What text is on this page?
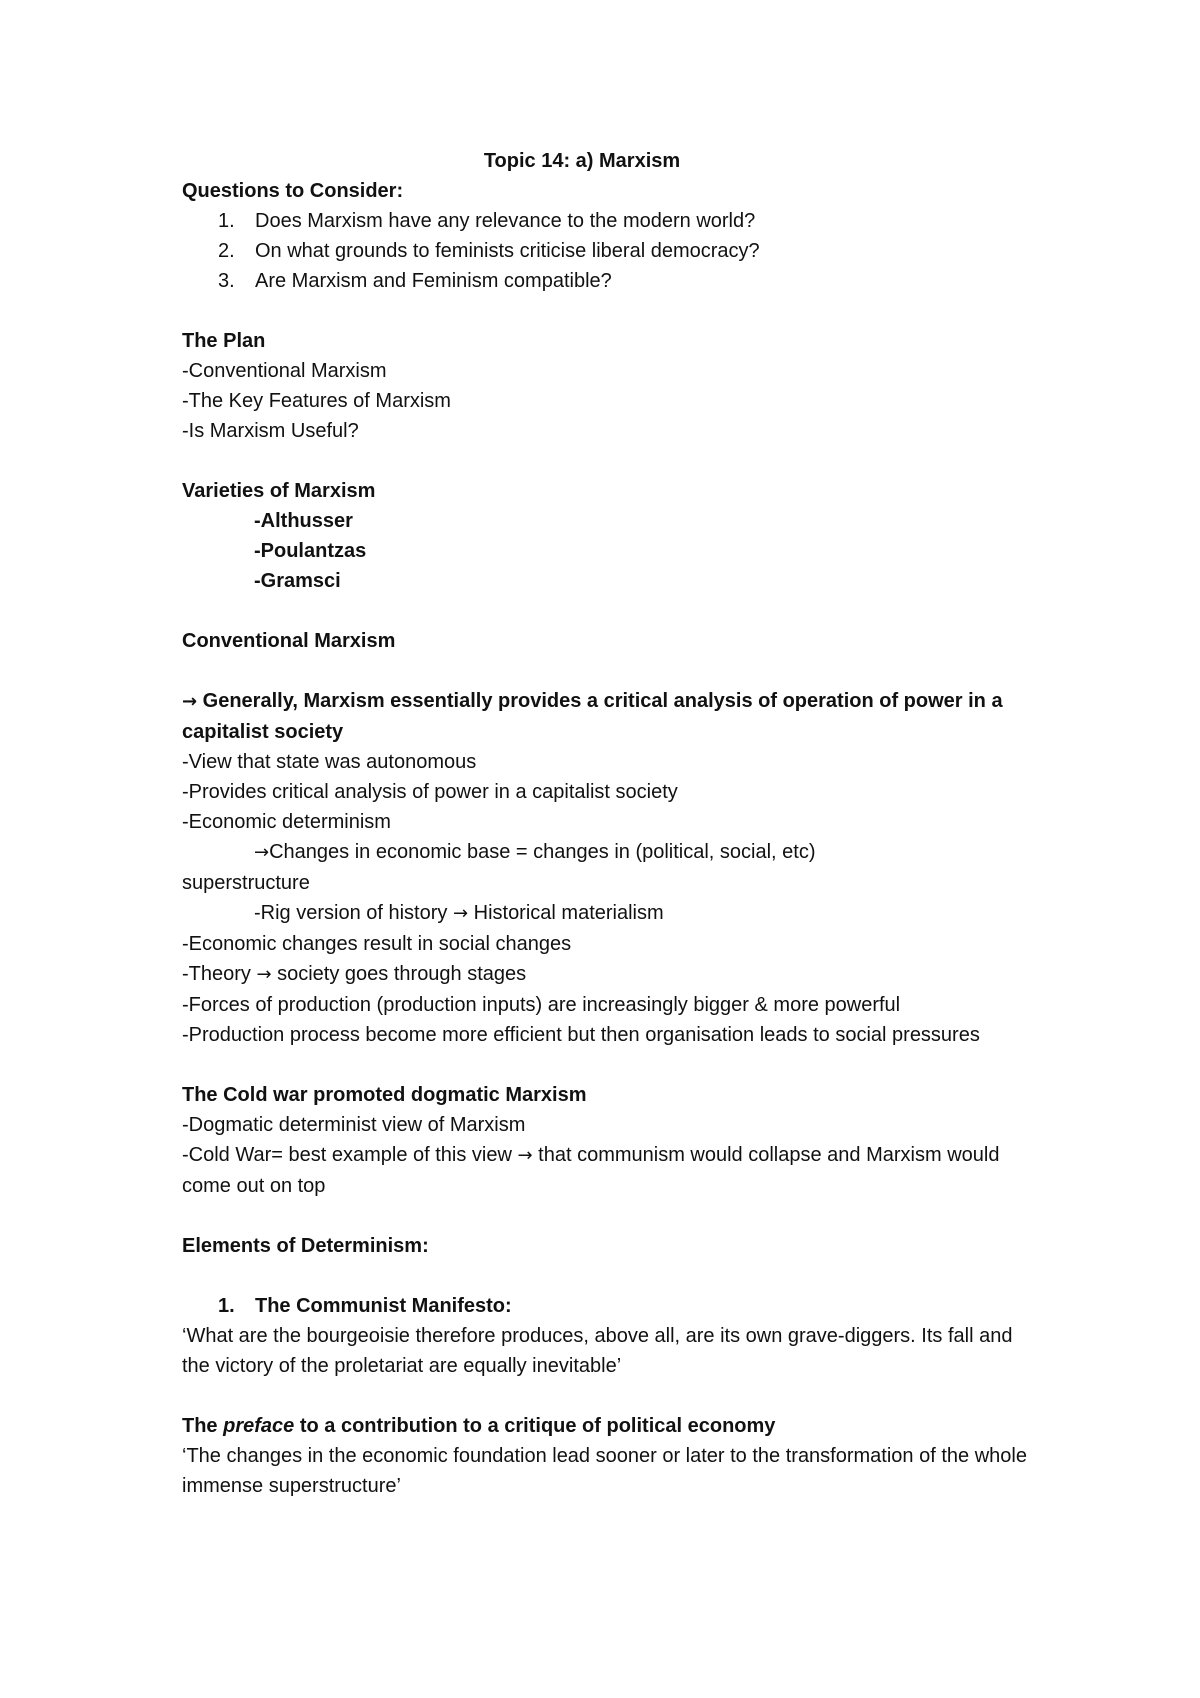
Topic 14: a) Marxism

Questions to Consider:

1.	Does Marxism have any relevance to the modern world?
2.	On what grounds to feminists criticise liberal democracy?
3.	Are Marxism and Feminism compatible?

The Plan

-Conventional Marxism

-The Key Features of Marxism

-Is Marxism Useful?

Varieties of Marxism

-Althusser

-Poulantzas

-Gramsci

Conventional Marxism

→ Generally, Marxism essentially provides a critical analysis of operation of power in a capitalist society

-View that state was autonomous

-Provides critical analysis of power in a capitalist society

-Economic determinism

→Changes in economic base = changes in (political, social, etc)

superstructure

-Rig version of history → Historical materialism

-Economic changes result in social changes

-Theory → society goes through stages

-Forces of production (production inputs) are increasingly bigger & more powerful

-Production process become more efficient but then organisation leads to social pressures

The Cold war promoted dogmatic Marxism

-Dogmatic determinist view of Marxism

-Cold War= best example of this view → that communism would collapse and Marxism would come out on top

Elements of Determinism:

1.	The Communist Manifesto:

‘What are the bourgeoisie therefore produces, above all, are its own grave-diggers. Its fall and the victory of the proletariat are equally inevitable’

The preface to a contribution to a critique of political economy

‘The changes in the economic foundation lead sooner or later to the transformation of the whole immense superstructure’
